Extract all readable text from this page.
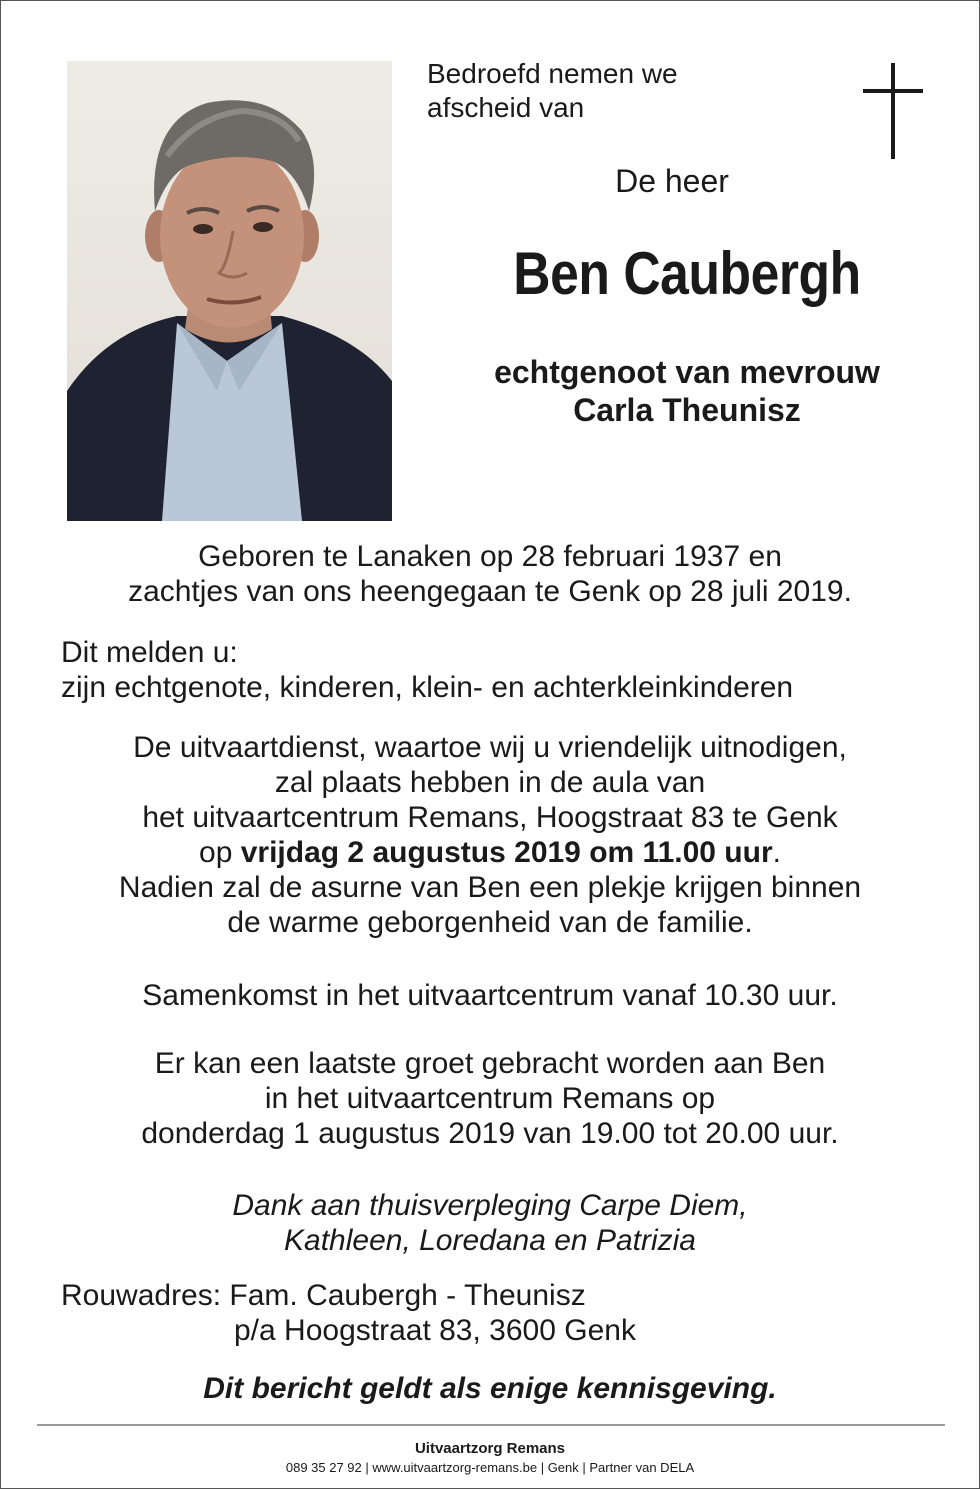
Bedroefd nemen we
afscheid van
De heer
Ben Caubergh
echtgenoot van mevrouw
Carla Theunisz
Geboren te Lanaken op 28 februari 1937 en
zachtjes van ons heengegaan te Genk op 28 juli 2019.
Dit melden u:
zijn echtgenote, kinderen, klein- en achterkleinkinderen
De uitvaartdienst, waartoe wij u vriendelijk uitnodigen,
zal plaats hebben in de aula van
het uitvaartcentrum Remans, Hoogstraat 83 te Genk
op vrijdag 2 augustus 2019 om 11.00 uur.
Nadien zal de asurne van Ben een plekje krijgen binnen
de warme geborgenheid van de familie.
Samenkomst in het uitvaartcentrum vanaf 10.30 uur.
Er kan een laatste groet gebracht worden aan Ben
in het uitvaartcentrum Remans op
donderdag 1 augustus 2019 van 19.00 tot 20.00 uur.
Dank aan thuisverpleging Carpe Diem,
Kathleen, Loredana en Patrizia
Rouwadres: Fam. Caubergh - Theunisz
p/a Hoogstraat 83, 3600 Genk
Dit bericht geldt als enige kennisgeving.
Uitvaartzorg Remans
089 35 27 92 | www.uitvaartzorg-remans.be | Genk | Partner van DELA
